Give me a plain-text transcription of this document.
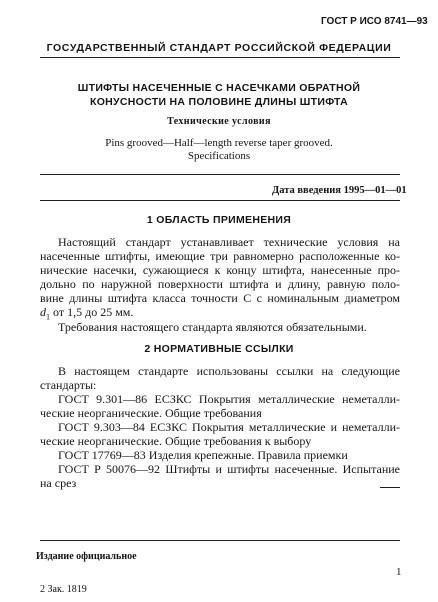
ГОСТ Р ИСО 8741—93
ГОСУДАРСТВЕННЫЙ СТАНДАРТ РОССИЙСКОЙ ФЕДЕРАЦИИ
ШТИФТЫ НАСЕЧЕННЫЕ С НАСЕЧКАМИ ОБРАТНОЙ
КОНУСНОСТИ НА ПОЛОВИНЕ ДЛИНЫ ШТИФТА
Технические условия
Pins grooved—Half—length reverse taper grooved.
Specifications
Дата введения 1995—01—01
1 ОБЛАСТЬ ПРИМЕНЕНИЯ
Настоящий стандарт устанавливает технические условия на
насеченные штифты, имеющие три равномерно расположенные ко-
нические насечки, сужающиеся к концу штифта, нанесенные про-
дольно по наружной поверхности штифта и длину, равную поло-
вине длины штифта класса точности С с номинальным диаметром
$d_1$ от 1,5 до 25 мм.
Требования настоящего стандарта являются обязательными.
2 НОРМАТИВНЫЕ ССЫЛКИ
В настоящем стандарте использованы ссылки на следующие
стандарты:
ГОСТ 9.301—86 ЕСЗКС Покрытия металлические неметалли-
ческие неорганические. Общие требования
ГОСТ 9.303—84 ЕСЗКС Покрытия металлические и неметалли-
ческие неорганические. Общие требования к выбору
ГОСТ 17769—83 Изделия крепежные. Правила приемки
ГОСТ Р 50076—92 Штифты и штифты насеченные. Испытание
на срез
Издание официальное
1
2 Зак. 1819
